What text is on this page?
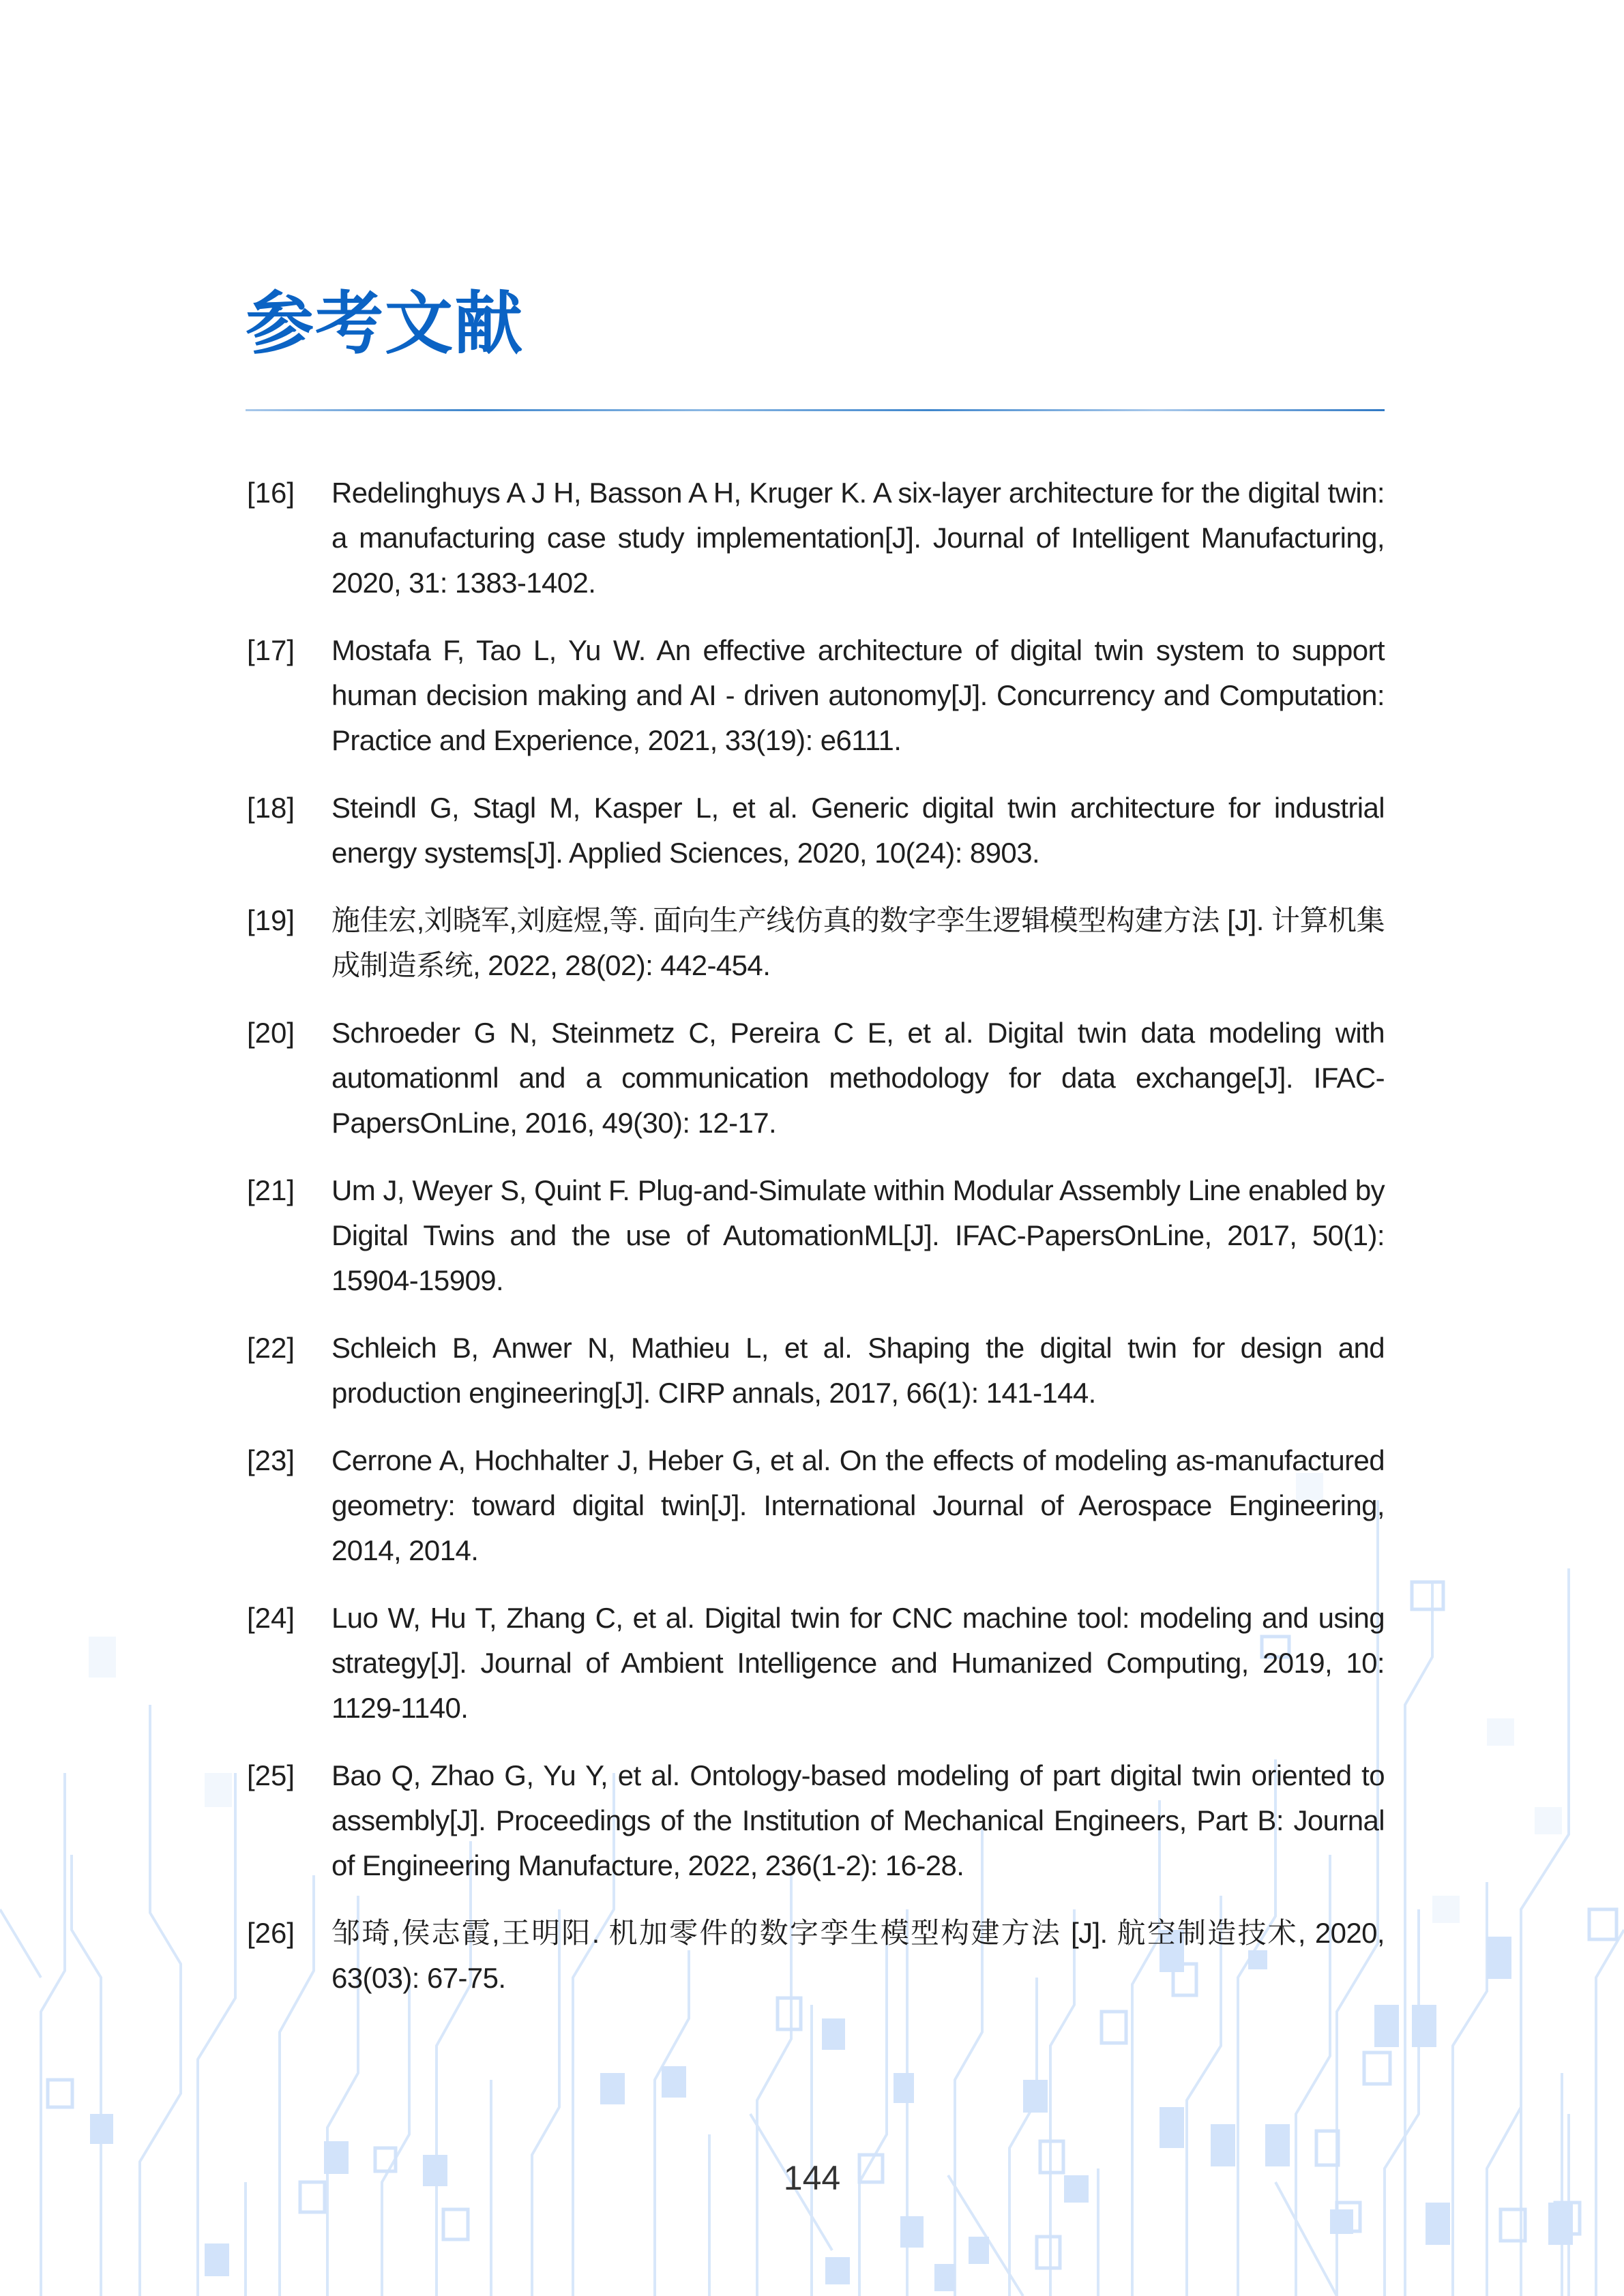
参考文献
[16]	Redelinghuys A J H, Basson A H, Kruger K. A six-layer architecture for the digital twin: a manufacturing case study implementation[J]. Journal of Intelligent Manufacturing, 2020, 31: 1383-1402.
[17]	Mostafa F, Tao L, Yu W. An effective architecture of digital twin system to support human decision making and AI - driven autonomy[J]. Concurrency and Computation: Practice and Experience, 2021, 33(19): e6111.
[18]	Steindl G, Stagl M, Kasper L, et al. Generic digital twin architecture for industrial energy systems[J]. Applied Sciences, 2020, 10(24): 8903.
[19]	施佳宏,刘晓军,刘庭煜,等. 面向生产线仿真的数字孪生逻辑模型构建方法 [J]. 计算机集成制造系统, 2022, 28(02): 442-454.
[20]	Schroeder G N, Steinmetz C, Pereira C E, et al. Digital twin data modeling with automationml and a communication methodology for data exchange[J]. IFAC-PapersOnLine, 2016, 49(30): 12-17.
[21]	Um J, Weyer S, Quint F. Plug-and-Simulate within Modular Assembly Line enabled by Digital Twins and the use of AutomationML[J]. IFAC-PapersOnLine, 2017, 50(1): 15904-15909.
[22]	Schleich B, Anwer N, Mathieu L, et al. Shaping the digital twin for design and production engineering[J]. CIRP annals, 2017, 66(1): 141-144.
[23]	Cerrone A, Hochhalter J, Heber G, et al. On the effects of modeling as-manufactured geometry: toward digital twin[J]. International Journal of Aerospace Engineering, 2014, 2014.
[24]	Luo W, Hu T, Zhang C, et al. Digital twin for CNC machine tool: modeling and using strategy[J]. Journal of Ambient Intelligence and Humanized Computing, 2019, 10: 1129-1140.
[25]	Bao Q, Zhao G, Yu Y, et al. Ontology-based modeling of part digital twin oriented to assembly[J]. Proceedings of the Institution of Mechanical Engineers, Part B: Journal of Engineering Manufacture, 2022, 236(1-2): 16-28.
[26]	邹琦,侯志霞,王明阳. 机加零件的数字孪生模型构建方法 [J]. 航空制造技术, 2020, 63(03): 67-75.
144
